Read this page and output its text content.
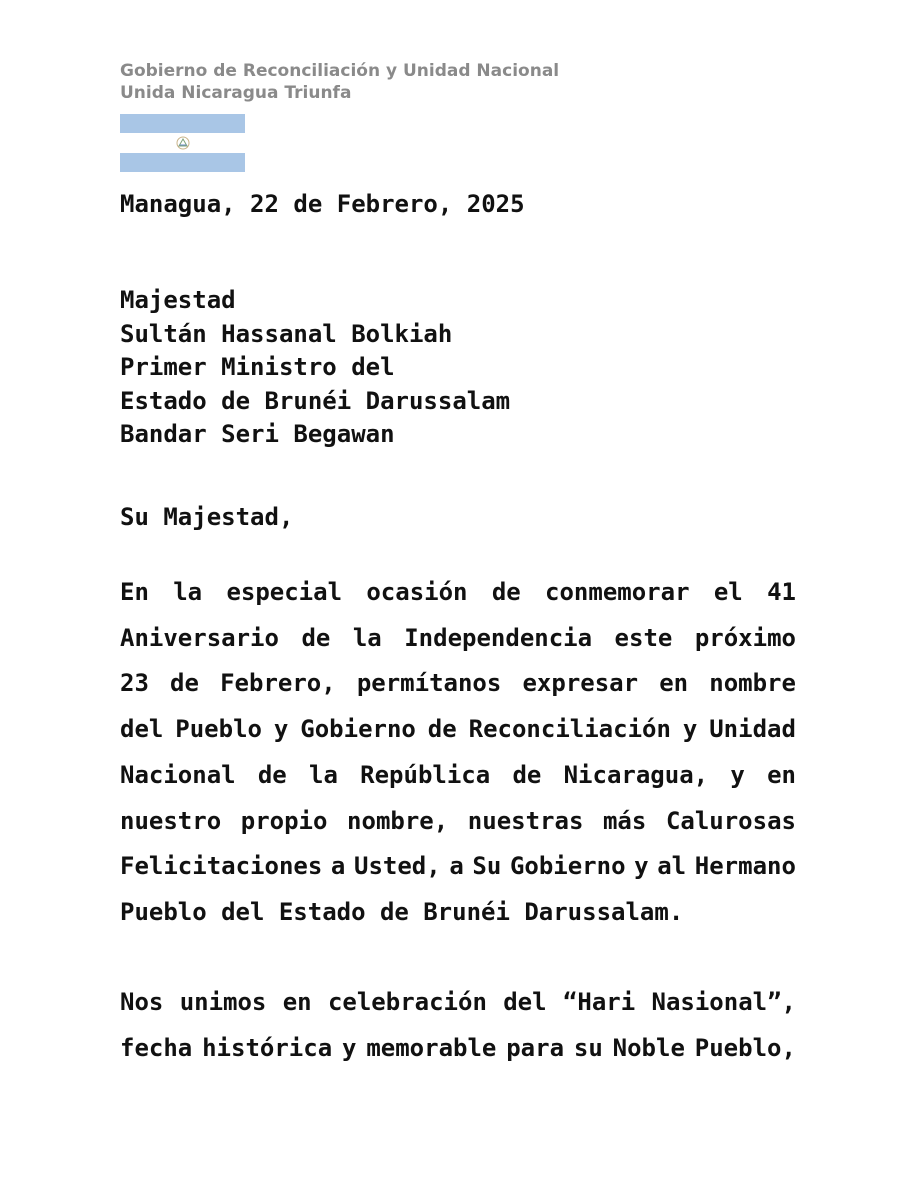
Gobierno de Reconciliación y Unidad Nacional
Unida Nicaragua Triunfa
Managua, 22 de Febrero, 2025
Majestad
Sultán Hassanal Bolkiah
Primer Ministro del
Estado de Brunéi Darussalam
Bandar Seri Begawan
Su Majestad,
En la especial ocasión de conmemorar el 41
Aniversario de la Independencia este próximo
23 de Febrero, permítanos expresar en nombre
del Pueblo y Gobierno de Reconciliación y Unidad
Nacional de la República de Nicaragua, y en
nuestro propio nombre, nuestras más Calurosas
Felicitaciones a Usted, a Su Gobierno y al Hermano
Pueblo del Estado de Brunéi Darussalam.
Nos unimos en celebración del “Hari Nasional”,
fecha histórica y memorable para su Noble Pueblo,
